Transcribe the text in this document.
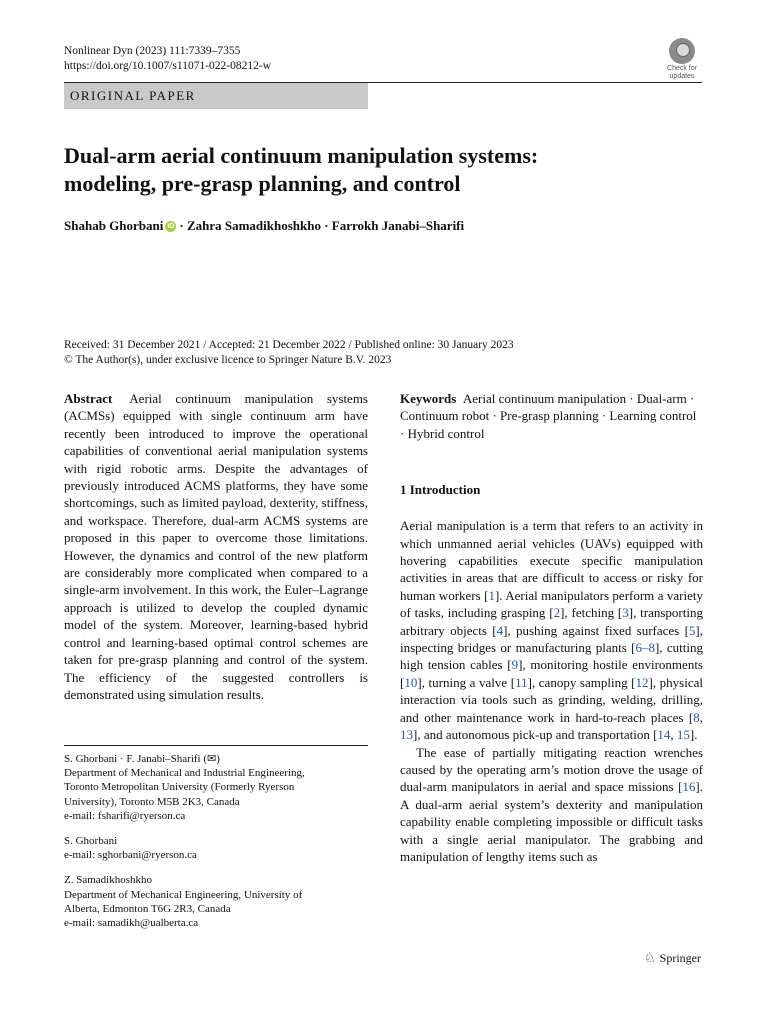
Nonlinear Dyn (2023) 111:7339–7355
https://doi.org/10.1007/s11071-022-08212-w	Check for
updates
ORIGINAL PAPER
Dual-arm aerial continuum manipulation systems:
modeling, pre-grasp planning, and control
Shahab Ghorbani iD · Zahra Samadikhoshkho · Farrokh Janabi–Sharifi
Received: 31 December 2021 / Accepted: 21 December 2022 / Published online: 30 January 2023
© The Author(s), under exclusive licence to Springer Nature B.V. 2023

Abstract Aerial continuum manipulation systems (ACMSs) equipped with single continuum arm have recently been introduced to improve the operational capabilities of conventional aerial manipulation systems with rigid robotic arms. Despite the advantages of previously introduced ACMS platforms, they have some shortcomings, such as limited payload, dexterity, stiffness, and workspace. Therefore, dual-arm ACMS systems are proposed in this paper to overcome those limitations. However, the dynamics and control of the new platform are considerably more complicated when compared to a single-arm involvement. In this work, the Euler–Lagrange approach is utilized to develop the coupled dynamic model of the system. Moreover, learning-based hybrid control and learning-based optimal control schemes are taken for pre-grasp planning and control of the system. The efficiency of the suggested controllers is demonstrated using simulation results.

S. Ghorbani · F. Janabi–Sharifi (✉)
Department of Mechanical and Industrial Engineering,
Toronto Metropolitan University (Formerly Ryerson
University), Toronto M5B 2K3, Canada
e-mail: fsharifi@ryerson.ca
S. Ghorbani
e-mail: sghorbani@ryerson.ca
Z. Samadikhoshkho
Department of Mechanical Engineering, University of
Alberta, Edmonton T6G 2R3, Canada
e-mail: samadikh@ualberta.ca

Keywords Aerial continuum manipulation · Dual-arm · Continuum robot · Pre-grasp planning · Learning control · Hybrid control

1 Introduction

Aerial manipulation is a term that refers to an activity in which unmanned aerial vehicles (UAVs) equipped with hovering capabilities execute specific manipulation activities in areas that are difficult to access or risky for human workers [1]. Aerial manipulators perform a variety of tasks, including grasping [2], fetching [3], transporting arbitrary objects [4], pushing against fixed surfaces [5], inspecting bridges or manufacturing plants [6–8], cutting high tension cables [9], monitoring hostile environments [10], turning a valve [11], canopy sampling [12], physical interaction via tools such as grinding, welding, drilling, and other maintenance work in hard-to-reach places [8, 13], and autonomous pick-up and transportation [14, 15].

The ease of partially mitigating reaction wrenches caused by the operating arm’s motion drove the usage of dual-arm manipulators in aerial and space missions [16]. A dual-arm aerial system’s dexterity and manipulation capability enable completing impossible or difficult tasks with a single aerial manipulator. The grabbing and manipulation of lengthy items such as

♘ Springer
